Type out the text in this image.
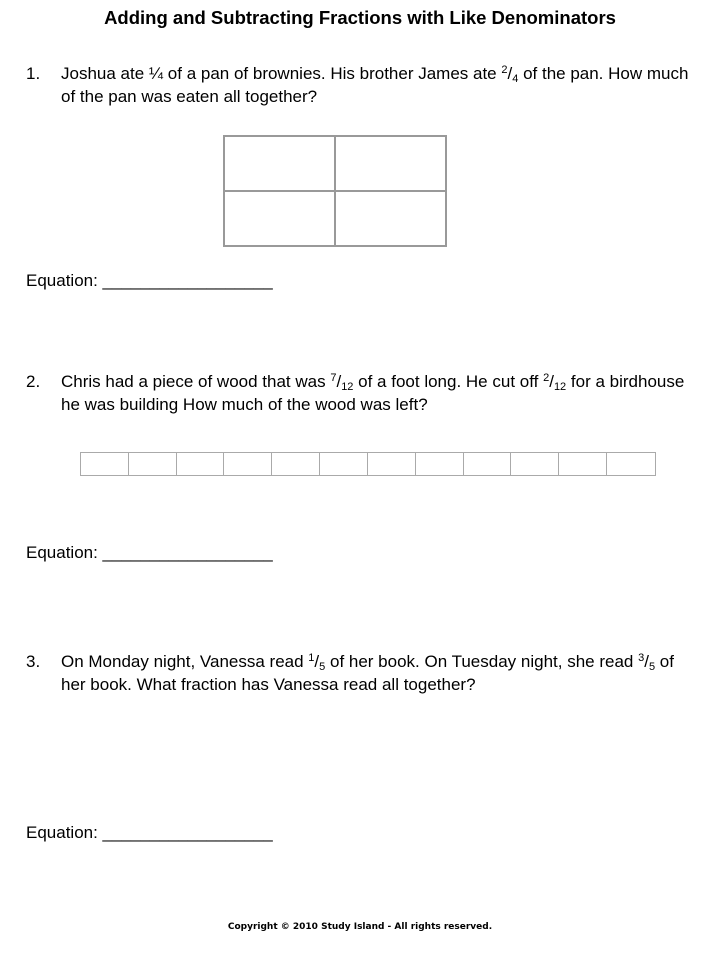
Adding and Subtracting Fractions with Like Denominators
1. Joshua ate ¼ of a pan of brownies. His brother James ate $^2/_4$ of the pan. How much of the pan was eaten all together?
Equation: __________________
2. Chris had a piece of wood that was $^7/_{12}$ of a foot long. He cut off $^2/_{12}$ for a birdhouse he was building How much of the wood was left?
Equation: __________________
3. On Monday night, Vanessa read $^1/_5$ of her book. On Tuesday night, she read $^3/_5$ of her book. What fraction has Vanessa read all together?
Equation: __________________
Copyright © 2010 Study Island - All rights reserved.
